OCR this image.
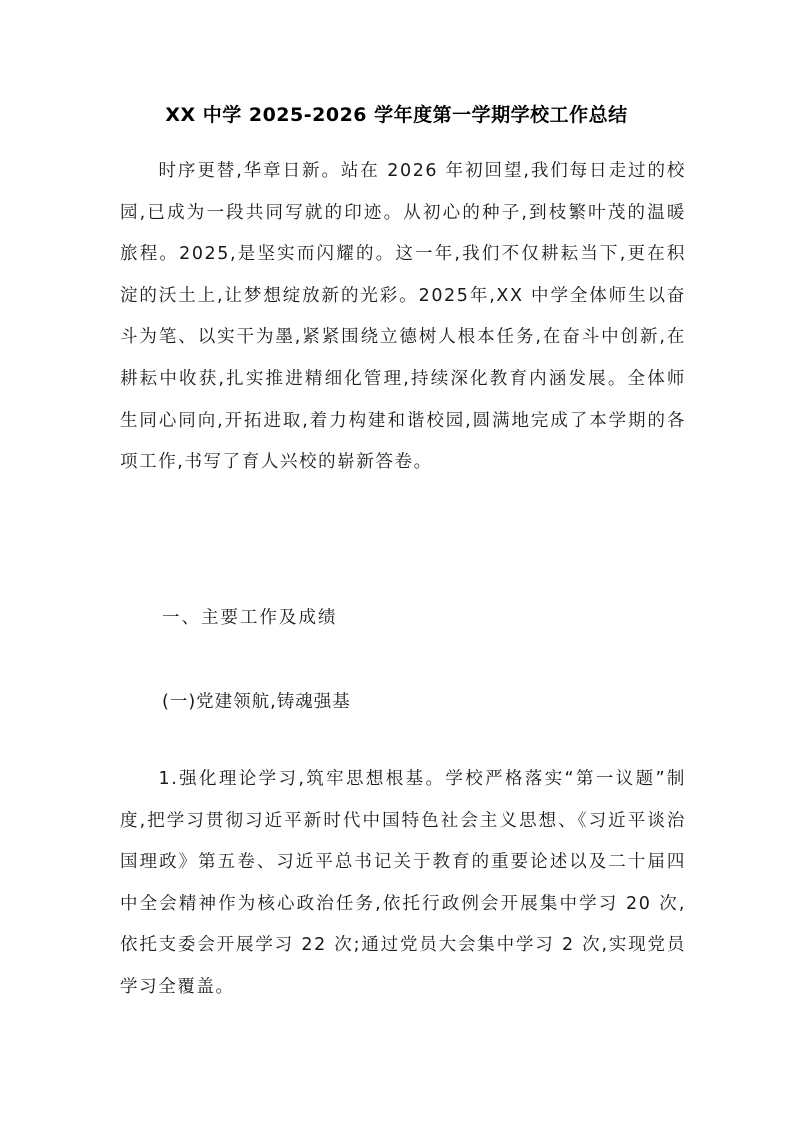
XX 中学 2025-2026 学年度第一学期学校工作总结
时序更替,华章日新。站在 2026 年初回望,我们每日走过的校园,已成为一段共同写就的印迹。从初心的种子,到枝繁叶茂的温暖旅程。2025,是坚实而闪耀的。这一年,我们不仅耕耘当下,更在积淀的沃土上,让梦想绽放新的光彩。2025年,XX 中学全体师生以奋斗为笔、以实干为墨,紧紧围绕立德树人根本任务,在奋斗中创新,在耕耘中收获,扎实推进精细化管理,持续深化教育内涵发展。全体师生同心同向,开拓进取,着力构建和谐校园,圆满地完成了本学期的各项工作,书写了育人兴校的崭新答卷。
一、主要工作及成绩
(一)党建领航,铸魂强基
1.强化理论学习,筑牢思想根基。学校严格落实“第一议题”制度,把学习贯彻习近平新时代中国特色社会主义思想、《习近平谈治国理政》第五卷、习近平总书记关于教育的重要论述以及二十届四中全会精神作为核心政治任务,依托行政例会开展集中学习 20 次,依托支委会开展学习 22 次;通过党员大会集中学习 2 次,实现党员学习全覆盖。
